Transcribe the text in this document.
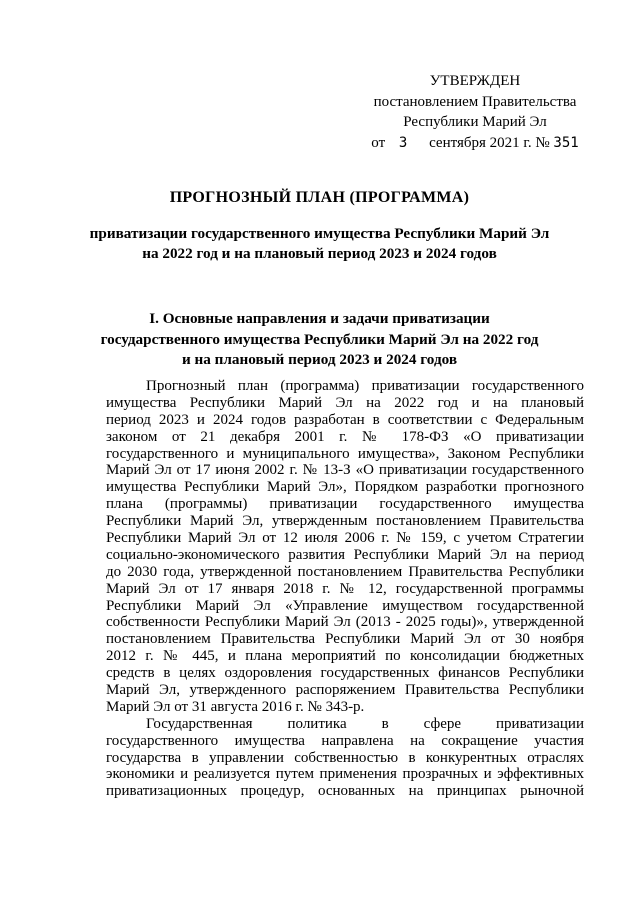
УТВЕРЖДЕН
постановлением Правительства
Республики Марий Эл
от 3 сентября 2021 г. № 351
ПРОГНОЗНЫЙ ПЛАН (ПРОГРАММА)
приватизации государственного имущества Республики Марий Эл
на 2022 год и на плановый период 2023 и 2024 годов
I. Основные направления и задачи приватизации
государственного имущества Республики Марий Эл на 2022 год
и на плановый период 2023 и 2024 годов
Прогнозный план (программа) приватизации государственного
имущества Республики Марий Эл на 2022 год и на плановый
период 2023 и 2024 годов разработан в соответствии с Федеральным
законом от 21 декабря 2001 г. № 178-ФЗ «О приватизации
государственного и муниципального имущества», Законом Республики
Марий Эл от 17 июня 2002 г. № 13-З «О приватизации государственного
имущества Республики Марий Эл», Порядком разработки прогнозного
плана (программы) приватизации государственного имущества
Республики Марий Эл, утвержденным постановлением Правительства
Республики Марий Эл от 12 июля 2006 г. № 159, с учетом Стратегии
социально-экономического развития Республики Марий Эл на период
до 2030 года, утвержденной постановлением Правительства Республики
Марий Эл от 17 января 2018 г. № 12, государственной программы
Республики Марий Эл «Управление имуществом государственной
собственности Республики Марий Эл (2013 - 2025 годы)», утвержденной
постановлением Правительства Республики Марий Эл от 30 ноября
2012 г. № 445, и плана мероприятий по консолидации бюджетных
средств в целях оздоровления государственных финансов Республики
Марий Эл, утвержденного распоряжением Правительства Республики
Марий Эл от 31 августа 2016 г. № 343-р.
Государственная политика в сфере приватизации
государственного имущества направлена на сокращение участия
государства в управлении собственностью в конкурентных отраслях
экономики и реализуется путем применения прозрачных и эффективных
приватизационных процедур, основанных на принципах рыночной
